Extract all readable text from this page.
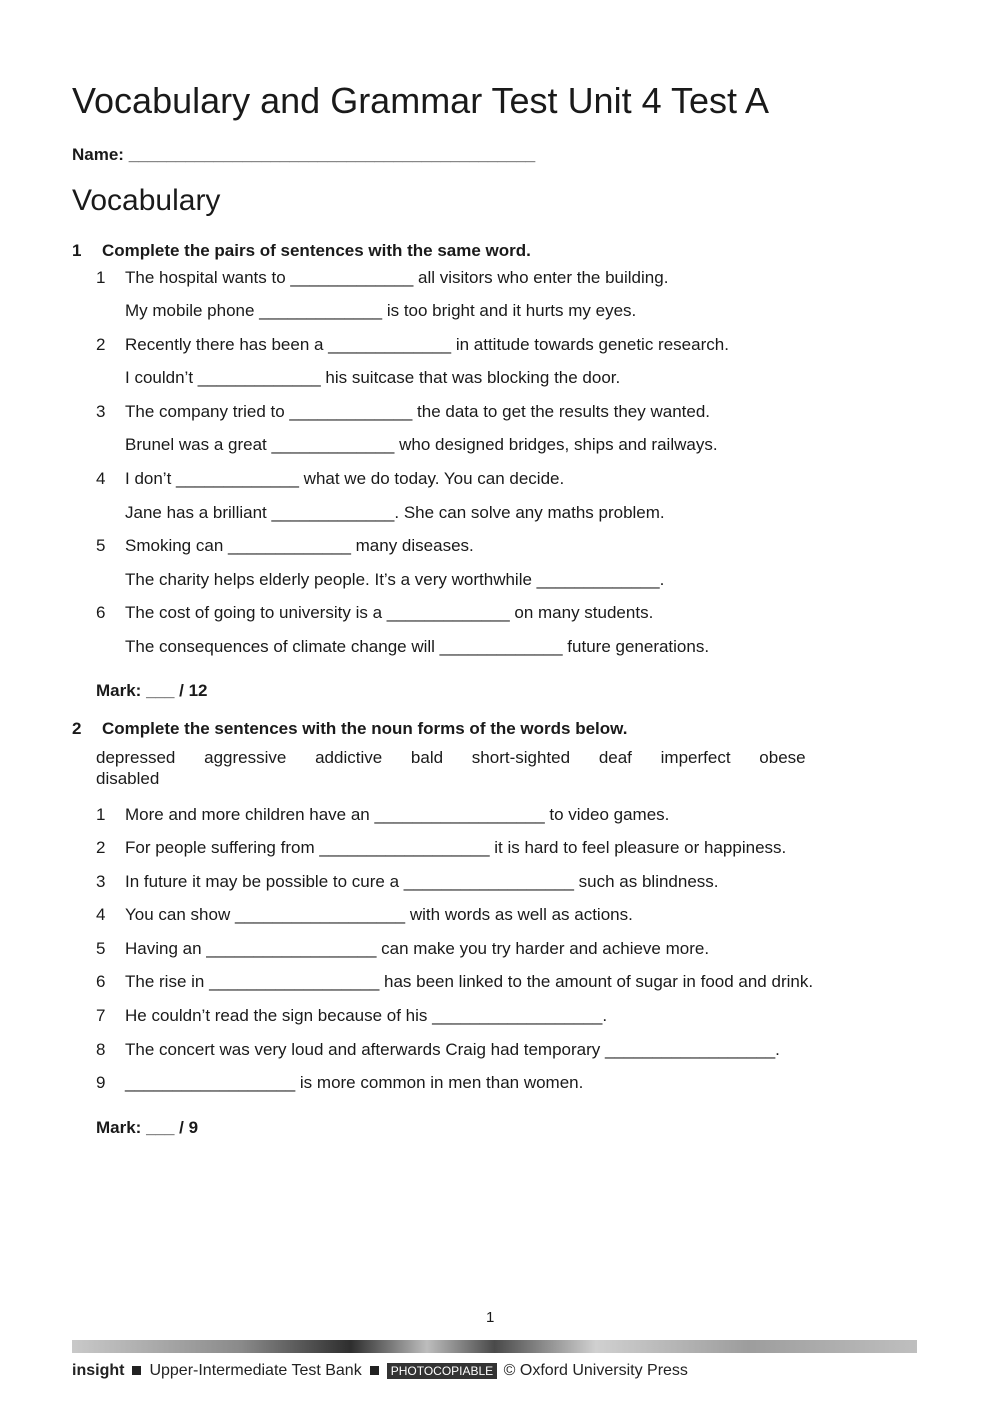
Vocabulary and Grammar Test Unit 4 Test A
Name: ___________________________________________
Vocabulary
1 Complete the pairs of sentences with the same word.
1 The hospital wants to _____________ all visitors who enter the building.
My mobile phone _____________ is too bright and it hurts my eyes.
2 Recently there has been a _____________ in attitude towards genetic research.
I couldn’t _____________ his suitcase that was blocking the door.
3 The company tried to _____________ the data to get the results they wanted.
Brunel was a great _____________ who designed bridges, ships and railways.
4 I don’t _____________ what we do today. You can decide.
Jane has a brilliant _____________. She can solve any maths problem.
5 Smoking can _____________ many diseases.
The charity helps elderly people. It’s a very worthwhile _____________.
6 The cost of going to university is a _____________ on many students.
The consequences of climate change will _____________ future generations.
Mark: ___ / 12
2 Complete the sentences with the noun forms of the words below.
depressed aggressive addictive bald short-sighted deaf imperfect obese
disabled
1 More and more children have an __________________ to video games.
2 For people suffering from __________________ it is hard to feel pleasure or happiness.
3 In future it may be possible to cure a __________________ such as blindness.
4 You can show __________________ with words as well as actions.
5 Having an __________________ can make you try harder and achieve more.
6 The rise in __________________ has been linked to the amount of sugar in food and drink.
7 He couldn’t read the sign because of his __________________.
8 The concert was very loud and afterwards Craig had temporary __________________.
9 __________________ is more common in men than women.
Mark: ___ / 9
1
insight Upper-Intermediate Test Bank PHOTOCOPIABLE © Oxford University Press
